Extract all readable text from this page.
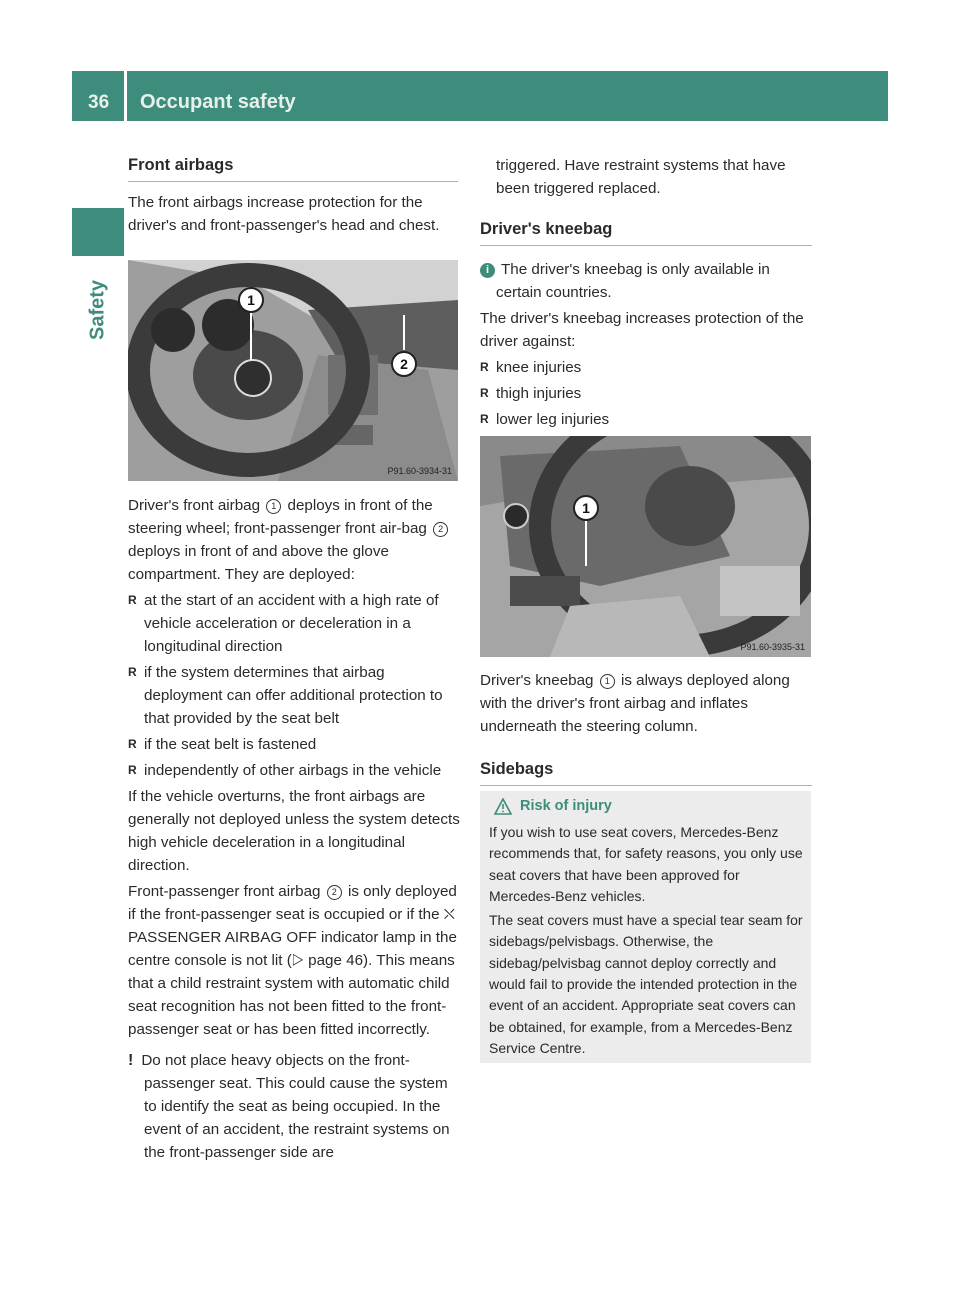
36 Occupant safety
Safety

Front airbags

The front airbags increase protection for the driver's and front-passenger's head and chest.

1
2
P91.60-3934-31

Driver's front airbag 1 deploys in front of the steering wheel; front-passenger front air-bag 2 deploys in front of and above the glove compartment. They are deployed:

R at the start of an accident with a high rate of vehicle acceleration or deceleration in a longitudinal direction

R if the system determines that airbag deployment can offer additional protection to that provided by the seat belt

R if the seat belt is fastened

R independently of other airbags in the vehicle

If the vehicle overturns, the front airbags are generally not deployed unless the system detects high vehicle deceleration in a longitudinal direction.

Front-passenger front airbag 2 is only deployed if the front-passenger seat is occupied or if the ⛌ PASSENGER AIRBAG OFF indicator lamp in the centre console is not lit (▷ page 46). This means that a child restraint system with automatic child seat recognition has not been fitted to the front-passenger seat or has been fitted incorrectly.

! Do not place heavy objects on the front-passenger seat. This could cause the system to identify the seat as being occupied. In the event of an accident, the restraint systems on the front-passenger side are

triggered. Have restraint systems that have been triggered replaced.

Driver's kneebag

i The driver's kneebag is only available in certain countries.

The driver's kneebag increases protection of the driver against:

R knee injuries

R thigh injuries

R lower leg injuries

1
P91.60-3935-31

Driver's kneebag 1 is always deployed along with the driver's front airbag and inflates underneath the steering column.

Sidebags

Risk of injury

If you wish to use seat covers, Mercedes-Benz recommends that, for safety reasons, you only use seat covers that have been approved for Mercedes-Benz vehicles.

The seat covers must have a special tear seam for sidebags/pelvisbags. Otherwise, the sidebag/pelvisbag cannot deploy correctly and would fail to provide the intended protection in the event of an accident. Appropriate seat covers can be obtained, for example, from a Mercedes-Benz Service Centre.
